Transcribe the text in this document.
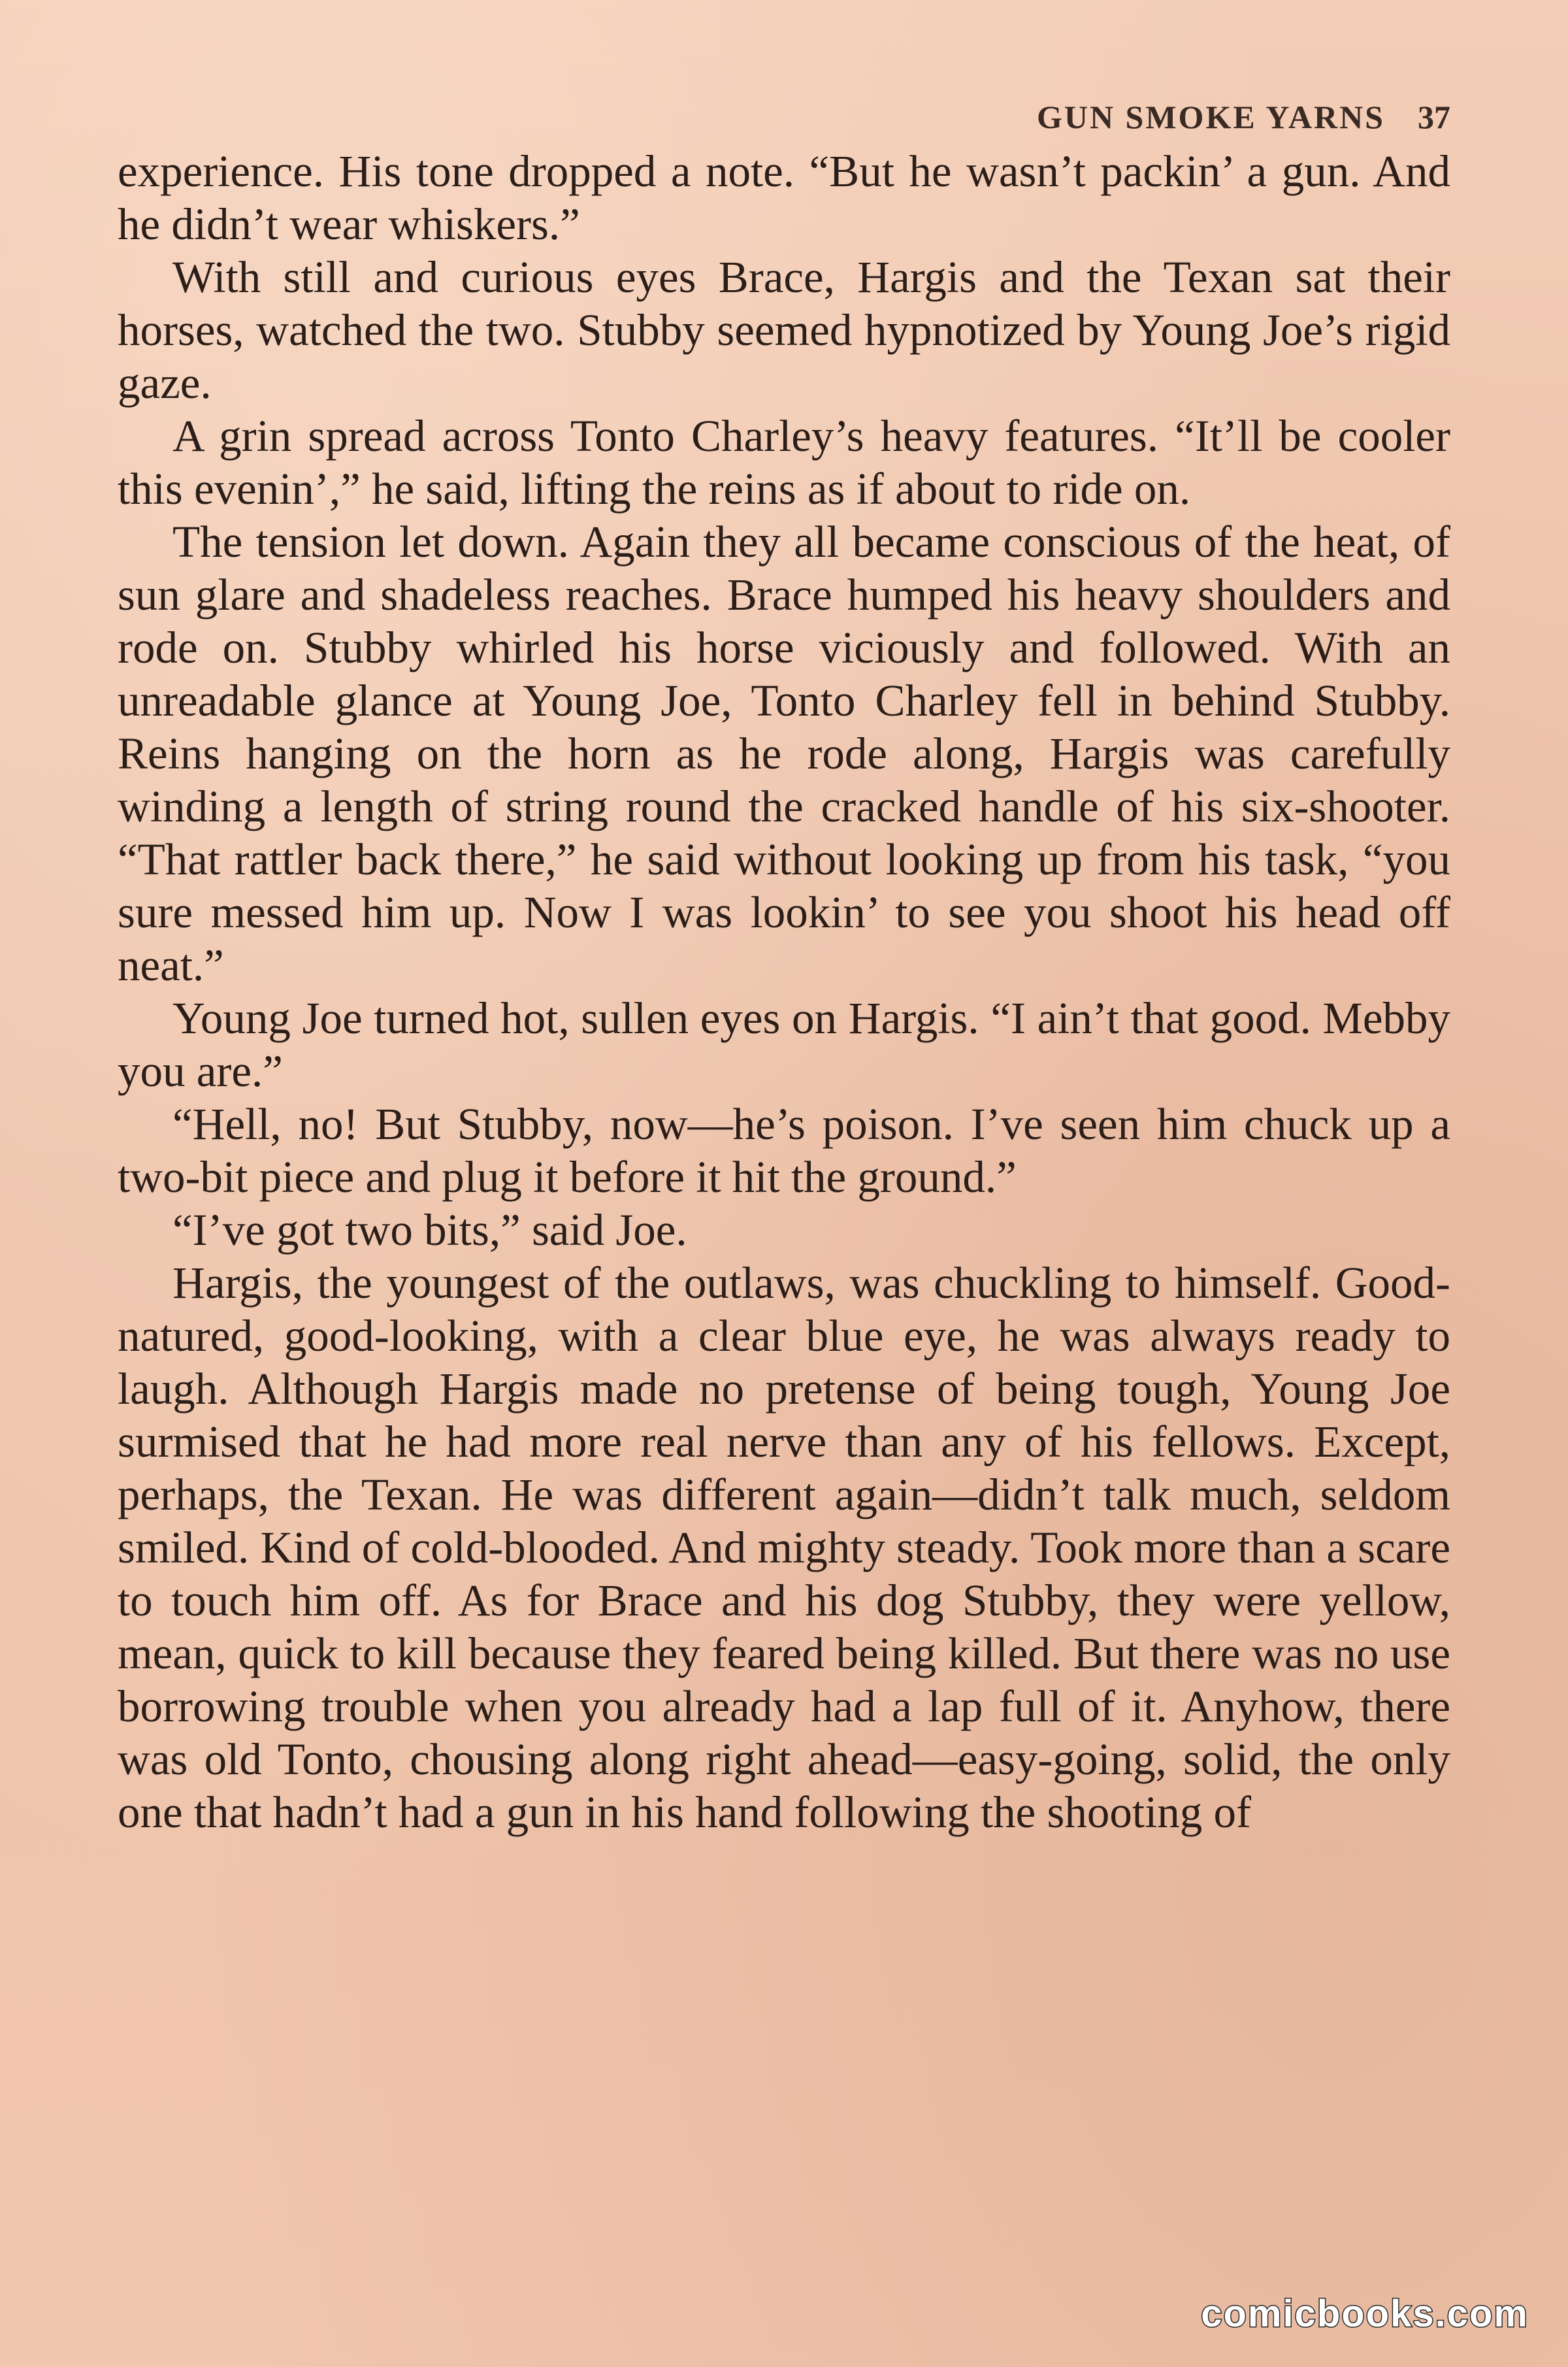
GUN SMOKE YARNS 37

experience. His tone dropped a note. “But he wasn’t packin’ a gun. And he didn’t wear whiskers.”

With still and curious eyes Brace, Hargis and the Texan sat their horses, watched the two. Stubby seemed hypnotized by Young Joe’s rigid gaze.

A grin spread across Tonto Charley’s heavy features. “It’ll be cooler this evenin’,” he said, lifting the reins as if about to ride on.

The tension let down. Again they all became conscious of the heat, of sun glare and shadeless reaches. Brace humped his heavy shoulders and rode on. Stubby whirled his horse viciously and followed. With an unreadable glance at Young Joe, Tonto Charley fell in behind Stubby. Reins hanging on the horn as he rode along, Hargis was carefully winding a length of string round the cracked handle of his six-shooter. “That rattler back there,” he said without looking up from his task, “you sure messed him up. Now I was lookin’ to see you shoot his head off neat.”

Young Joe turned hot, sullen eyes on Hargis. “I ain’t that good. Mebby you are.”

“Hell, no! But Stubby, now—he’s poison. I’ve seen him chuck up a two-bit piece and plug it before it hit the ground.”

“I’ve got two bits,” said Joe.

Hargis, the youngest of the outlaws, was chuckling to himself. Good-natured, good-looking, with a clear blue eye, he was always ready to laugh. Although Hargis made no pretense of being tough, Young Joe surmised that he had more real nerve than any of his fellows. Except, perhaps, the Texan. He was different again—didn’t talk much, seldom smiled. Kind of cold-blooded. And mighty steady. Took more than a scare to touch him off. As for Brace and his dog Stubby, they were yellow, mean, quick to kill because they feared being killed. But there was no use borrowing trouble when you already had a lap full of it. Anyhow, there was old Tonto, chousing along right ahead—easy-going, solid, the only one that hadn’t had a gun in his hand following the shooting of

comicbooks.com
